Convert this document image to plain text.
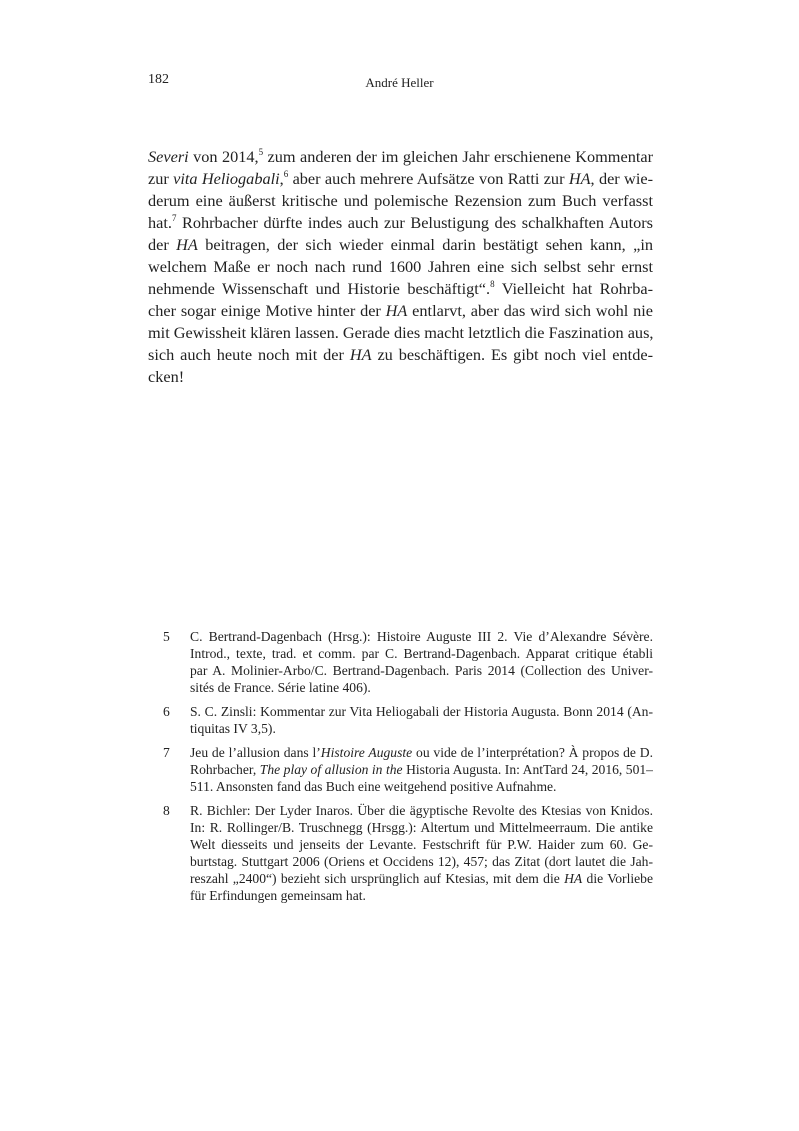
182	André Heller
Severi von 2014,$^5$ zum anderen der im gleichen Jahr erschienene Kommentar
zur vita Heliogabali,$^6$ aber auch mehrere Aufsätze von Ratti zur HA, der wie-
derum eine äußerst kritische und polemische Rezension zum Buch verfasst
hat.$^7$ Rohrbacher dürfte indes auch zur Belustigung des schalkhaften Autors
der HA beitragen, der sich wieder einmal darin bestätigt sehen kann, „in
welchem Maße er noch nach rund 1600 Jahren eine sich selbst sehr ernst
nehmende Wissenschaft und Historie beschäftigt“.$^8$ Vielleicht hat Rohrba-
cher sogar einige Motive hinter der HA entlarvt, aber das wird sich wohl nie
mit Gewissheit klären lassen. Gerade dies macht letztlich die Faszination aus,
sich auch heute noch mit der HA zu beschäftigen. Es gibt noch viel entde-
cken!
5 C. Bertrand-Dagenbach (Hrsg.): Histoire Auguste III 2. Vie d’Alexandre Sévère.
Introd., texte, trad. et comm. par C. Bertrand-Dagenbach. Apparat critique établi
par A. Molinier-Arbo/C. Bertrand-Dagenbach. Paris 2014 (Collection des Univer-
sités de France. Série latine 406).
6 S. C. Zinsli: Kommentar zur Vita Heliogabali der Historia Augusta. Bonn 2014 (An-
tiquitas IV 3,5).
7 Jeu de l’allusion dans l’Histoire Auguste ou vide de l’interprétation? À propos de D.
Rohrbacher, The play of allusion in the Historia Augusta. In: AntTard 24, 2016, 501–
511. Ansonsten fand das Buch eine weitgehend positive Aufnahme.
8 R. Bichler: Der Lyder Inaros. Über die ägyptische Revolte des Ktesias von Knidos.
In: R. Rollinger/B. Truschnegg (Hrsgg.): Altertum und Mittelmeerraum. Die antike
Welt diesseits und jenseits der Levante. Festschrift für P.W. Haider zum 60. Ge-
burtstag. Stuttgart 2006 (Oriens et Occidens 12), 457; das Zitat (dort lautet die Jah-
reszahl „2400“) bezieht sich ursprünglich auf Ktesias, mit dem die HA die Vorliebe
für Erfindungen gemeinsam hat.
